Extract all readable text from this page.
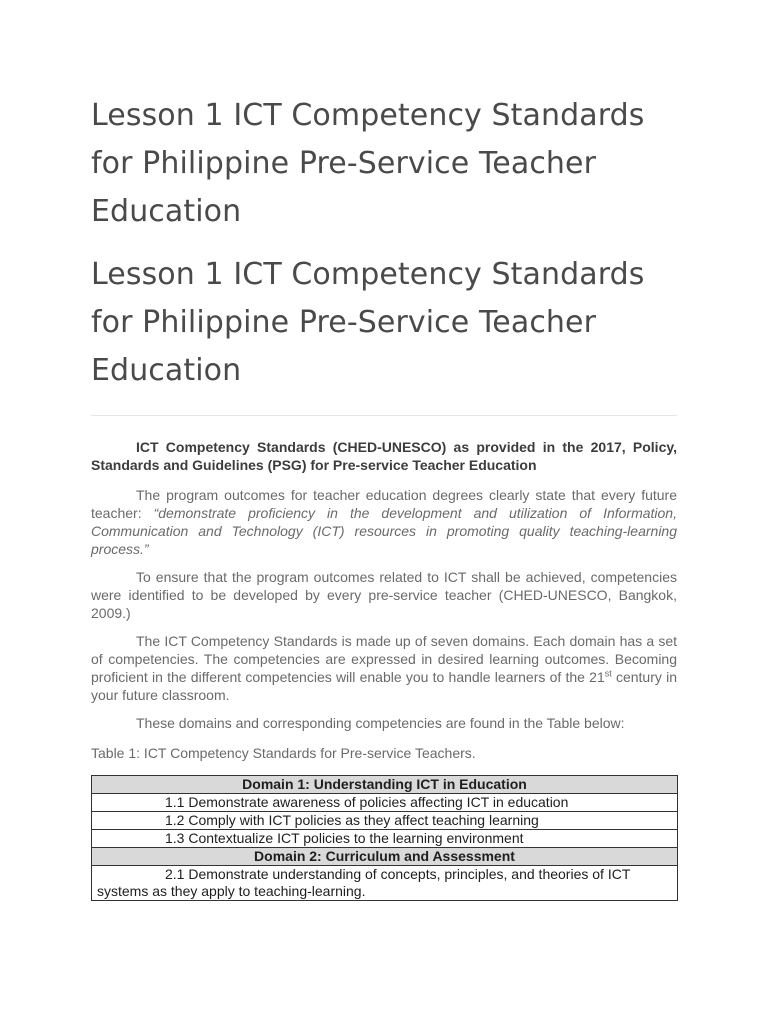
Lesson 1 ICT Competency Standards for Philippine Pre-Service Teacher Education
Lesson 1 ICT Competency Standards for Philippine Pre-Service Teacher Education

ICT Competency Standards (CHED-UNESCO) as provided in the 2017, Policy, Standards and Guidelines (PSG) for Pre-service Teacher Education

The program outcomes for teacher education degrees clearly state that every future teacher: “demonstrate proficiency in the development and utilization of Information, Communication and Technology (ICT) resources in promoting quality teaching-learning process.”

To ensure that the program outcomes related to ICT shall be achieved, competencies were identified to be developed by every pre-service teacher (CHED-UNESCO, Bangkok, 2009.)

The ICT Competency Standards is made up of seven domains. Each domain has a set of competencies. The competencies are expressed in desired learning outcomes. Becoming proficient in the different competencies will enable you to handle learners of the 21st century in your future classroom.

These domains and corresponding competencies are found in the Table below:

Table 1: ICT Competency Standards for Pre-service Teachers.
Domain 1: Understanding ICT in Education
1.1 Demonstrate awareness of policies affecting ICT in education
1.2 Comply with ICT policies as they affect teaching learning
1.3 Contextualize ICT policies to the learning environment
Domain 2: Curriculum and Assessment
2.1 Demonstrate understanding of concepts, principles, and theories of ICT systems as they apply to teaching-learning.
